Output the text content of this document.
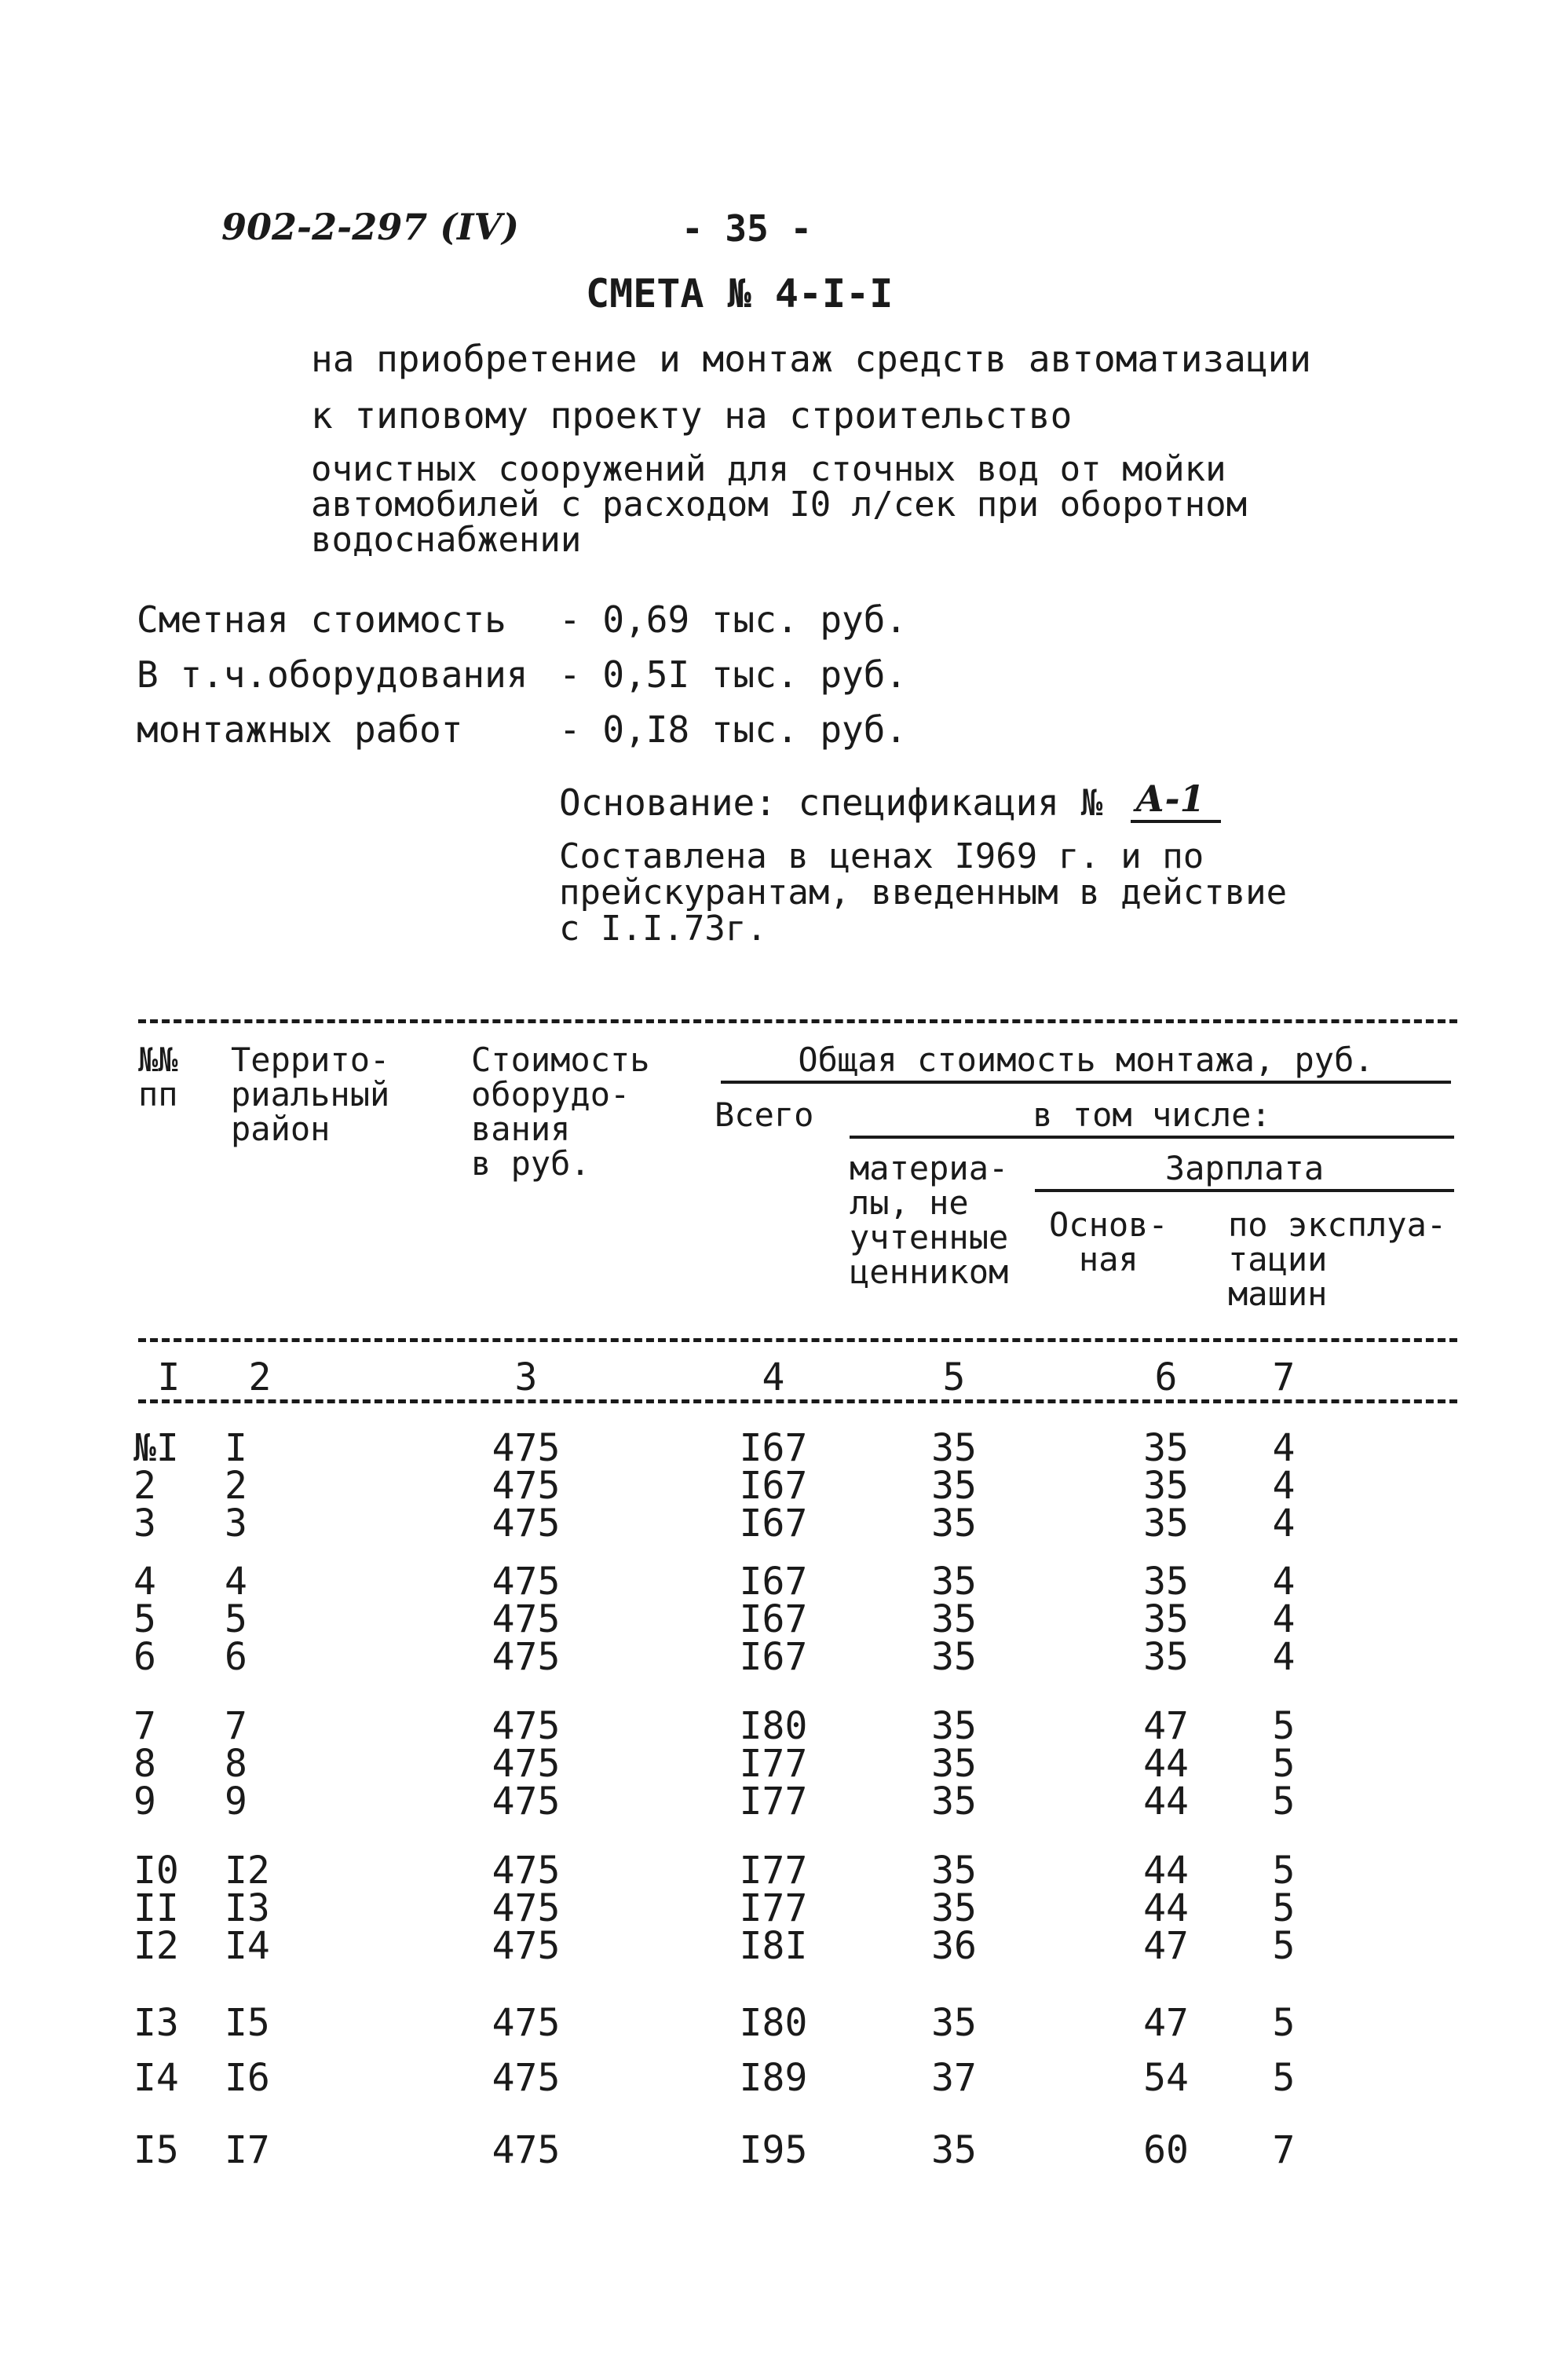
902-2-297 (IV)	- 35 -
СМЕТА № 4-I-I
на приобретение и монтаж средств автоматизации
к типовому проекту на строительство
очистных сооружений для сточных вод от мойки
автомобилей с расходом I0 л/сек при оборотном
водоснабжении
Сметная стоимость - 0,69 тыс. руб.
В т.ч.оборудования - 0,5I тыс. руб.
монтажных работ	- 0,I8 тыс. руб.
Основание: спецификация № А-1
Составлена в ценах I969 г. и по
прейскурантам, введенным в действие
с I.I.73г.
№№
пп
Террито-
риальный
район
Стоимость
оборудо-
вания
в руб.
Общая стоимость монтажа, руб.
Всего	в том числе:
материа-
лы, не
учтенные
ценником
Зарплата
Основ-
ная
по эксплуа-
тации
машин
I	2	3	4	5	6	7
№I	I	475	I67	35	35	4
2	2	475	I67	35	35	4
3	3	475	I67	35	35	4
4	4	475	I67	35	35	4
5	5	475	I67	35	35	4
6	6	475	I67	35	35	4
7	7	475	I80	35	47	5
8	8	475	I77	35	44	5
9	9	475	I77	35	44	5
I0	I2	475	I77	35	44	5
II	I3	475	I77	35	44	5
I2	I4	475	I8I	36	47	5
I3	I5	475	I80	35	47	5
I4	I6	475	I89	37	54	5
I5	I7	475	I95	35	60	7
